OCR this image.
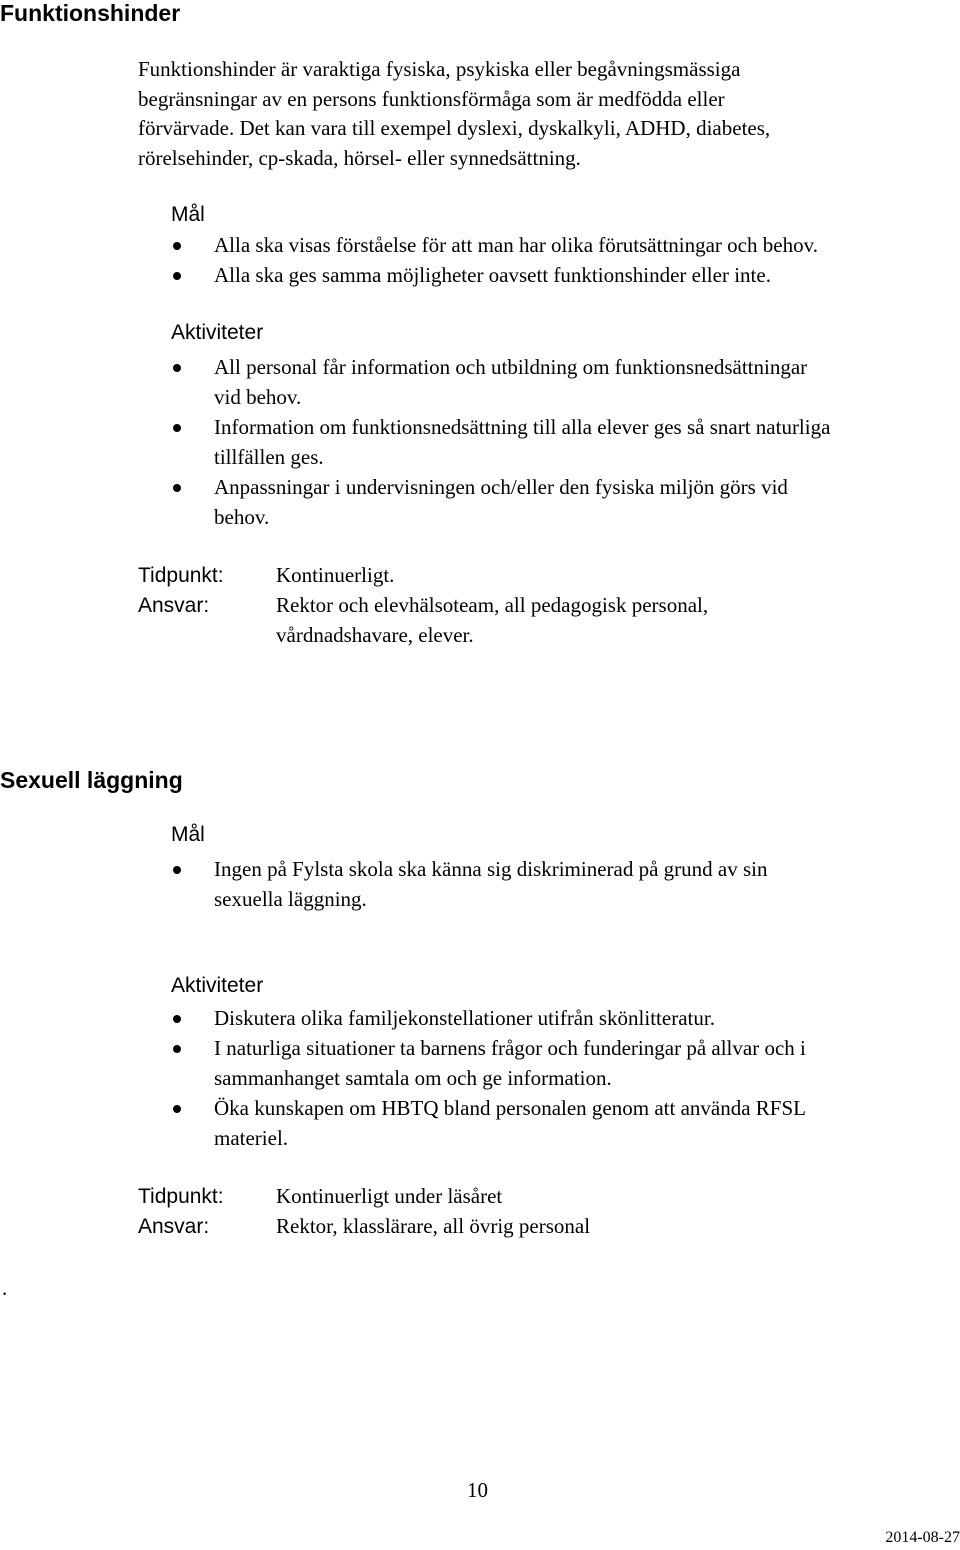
Funktionshinder
Funktionshinder är varaktiga fysiska, psykiska eller begåvningsmässiga
begränsningar av en persons funktionsförmåga som är medfödda eller
förvärvade. Det kan vara till exempel dyslexi, dyskalkyli, ADHD, diabetes,
rörelsehinder, cp-skada, hörsel- eller synnedsättning.
Mål
Alla ska visas förståelse för att man har olika förutsättningar och behov.
Alla ska ges samma möjligheter oavsett funktionshinder eller inte.
Aktiviteter
All personal får information och utbildning om funktionsnedsättningar
vid behov.
Information om funktionsnedsättning till alla elever ges så snart naturliga
tillfällen ges.
Anpassningar i undervisningen och/eller den fysiska miljön görs vid
behov.
Tidpunkt: Kontinuerligt.
Ansvar:	Rektor och elevhälsoteam, all pedagogisk personal,
vårdnadshavare, elever.
Sexuell läggning
Mål
Ingen på Fylsta skola ska känna sig diskriminerad på grund av sin
sexuella läggning.
Aktiviteter
Diskutera olika familjekonstellationer utifrån skönlitteratur.
I naturliga situationer ta barnens frågor och funderingar på allvar och i
sammanhanget samtala om och ge information.
Öka kunskapen om HBTQ bland personalen genom att använda RFSL
materiel.
Tidpunkt: Kontinuerligt under läsåret
Ansvar:	Rektor, klasslärare, all övrig personal
.
10
2014-08-27
